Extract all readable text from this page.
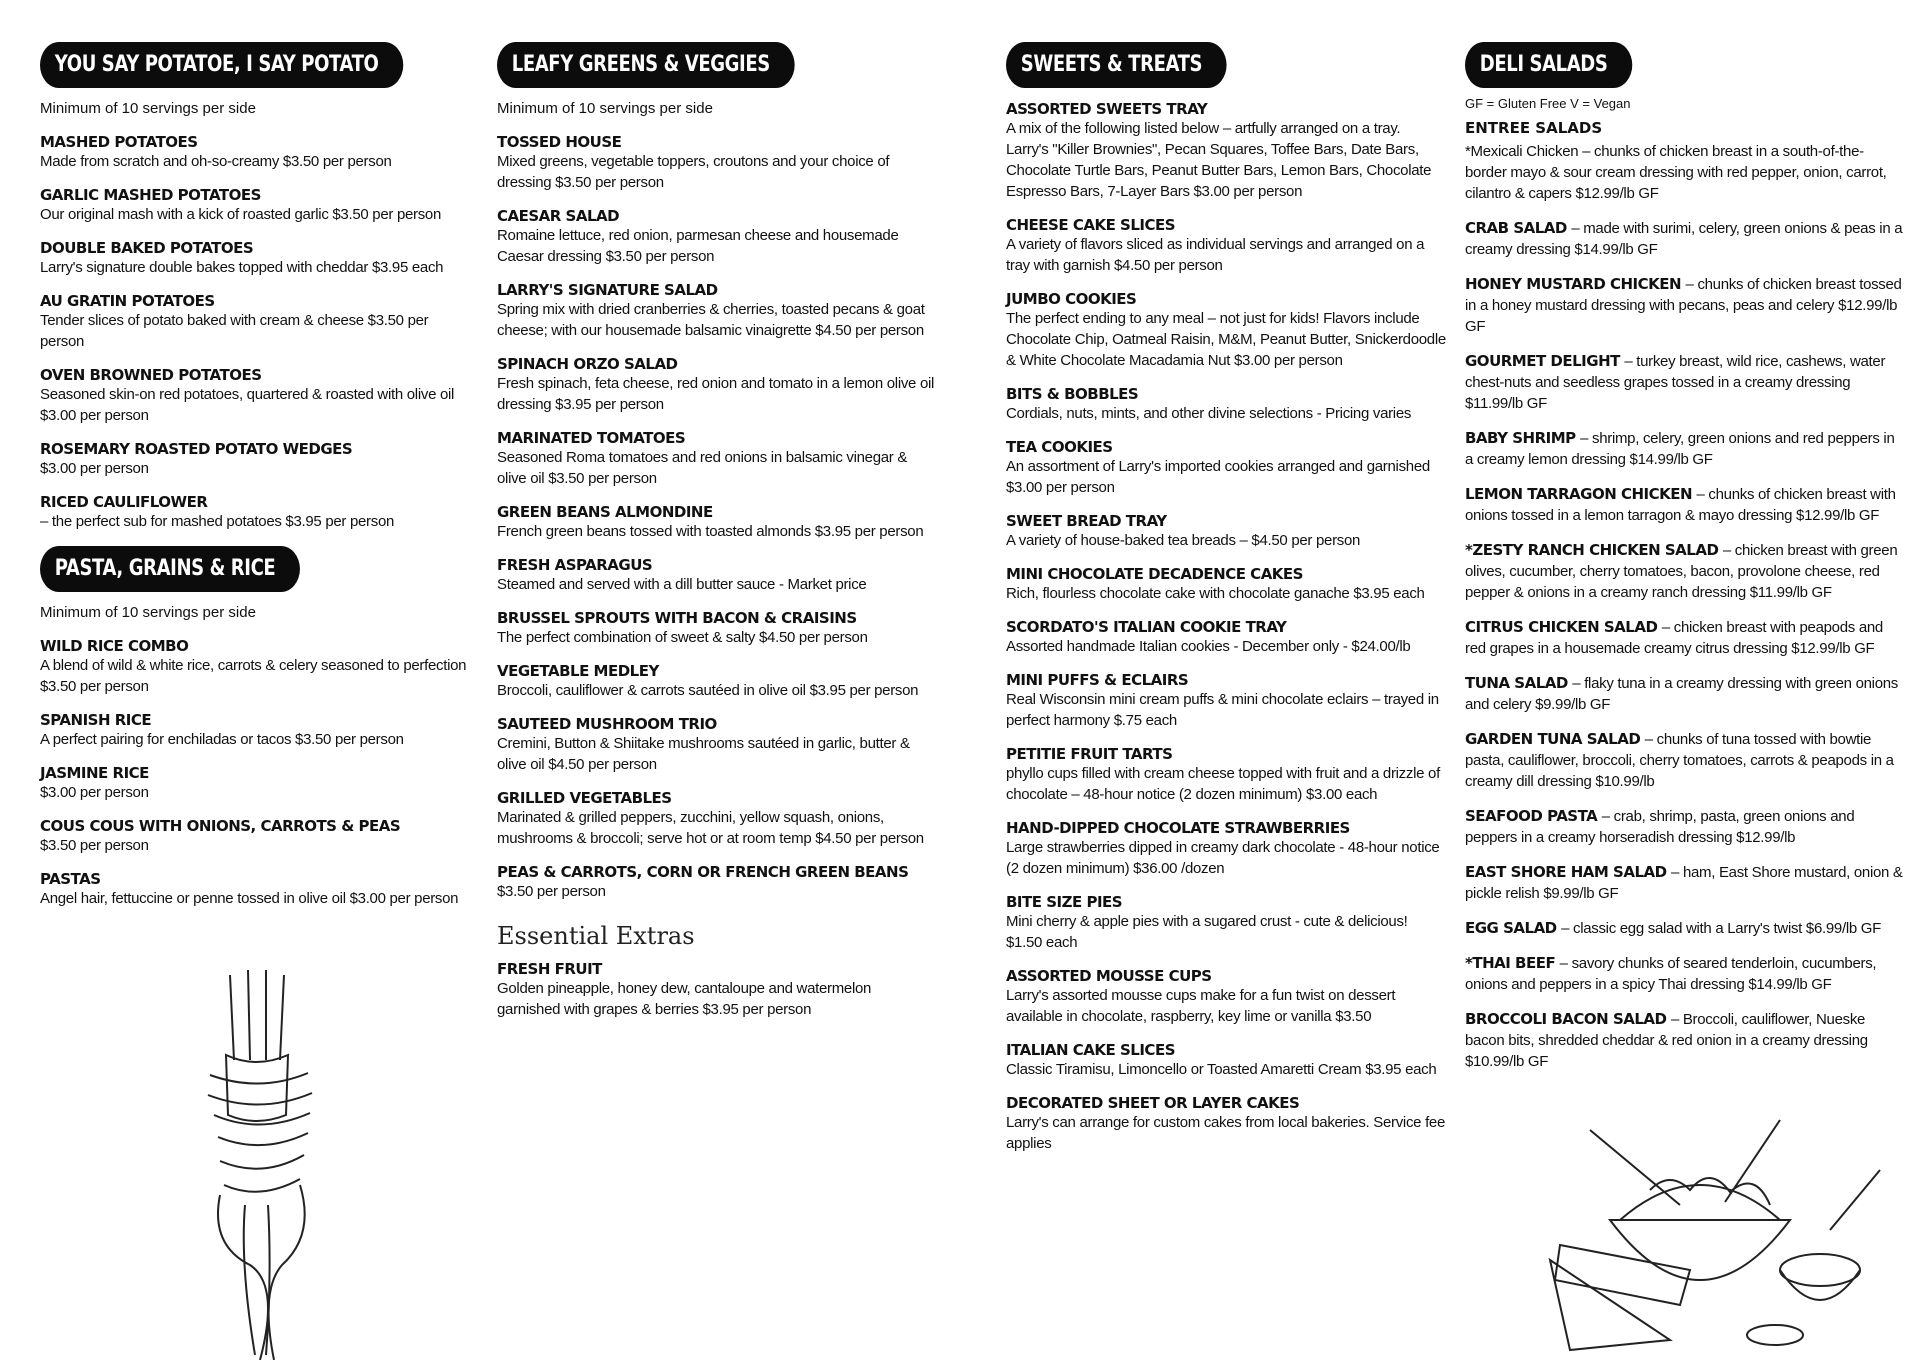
YOU SAY POTATOE, I SAY POTATO
Minimum of 10 servings per side
MASHED POTATOES
Made from scratch and oh-so-creamy $3.50 per person
GARLIC MASHED POTATOES
Our original mash with a kick of roasted garlic $3.50 per person
DOUBLE BAKED POTATOES
Larry's signature double bakes topped with cheddar $3.95 each
AU GRATIN POTATOES
Tender slices of potato baked with cream & cheese $3.50 per person
OVEN BROWNED POTATOES
Seasoned skin-on red potatoes, quartered & roasted with olive oil $3.00 per person
ROSEMARY ROASTED POTATO WEDGES
$3.00 per person
RICED CAULIFLOWER
– the perfect sub for mashed potatoes $3.95 per person
PASTA, GRAINS & RICE
Minimum of 10 servings per side
WILD RICE COMBO
A blend of wild & white rice, carrots & celery seasoned to perfection $3.50 per person
SPANISH RICE
A perfect pairing for enchiladas or tacos $3.50 per person
JASMINE RICE
$3.00 per person
COUS COUS WITH ONIONS, CARROTS & PEAS
$3.50 per person
PASTAS
Angel hair, fettuccine or penne tossed in olive oil $3.00 per person
LEAFY GREENS & VEGGIES
Minimum of 10 servings per side
TOSSED HOUSE
Mixed greens, vegetable toppers, croutons and your choice of dressing $3.50 per person
CAESAR SALAD
Romaine lettuce, red onion, parmesan cheese and housemade Caesar dressing $3.50 per person
LARRY'S SIGNATURE SALAD
Spring mix with dried cranberries & cherries, toasted pecans & goat cheese; with our housemade balsamic vinaigrette $4.50 per person
SPINACH ORZO SALAD
Fresh spinach, feta cheese, red onion and tomato in a lemon olive oil dressing $3.95 per person
MARINATED TOMATOES
Seasoned Roma tomatoes and red onions in balsamic vinegar & olive oil $3.50 per person
GREEN BEANS ALMONDINE
French green beans tossed with toasted almonds $3.95 per person
FRESH ASPARAGUS
Steamed and served with a dill butter sauce - Market price
BRUSSEL SPROUTS WITH BACON & CRAISINS
The perfect combination of sweet & salty $4.50 per person
VEGETABLE MEDLEY
Broccoli, cauliflower & carrots sautéed in olive oil $3.95 per person
SAUTEED MUSHROOM TRIO
Cremini, Button & Shiitake mushrooms sautéed in garlic, butter & olive oil $4.50 per person
GRILLED VEGETABLES
Marinated & grilled peppers, zucchini, yellow squash, onions, mushrooms & broccoli; serve hot or at room temp $4.50 per person
PEAS & CARROTS, CORN OR FRENCH GREEN BEANS
$3.50 per person
Essential Extras
FRESH FRUIT
Golden pineapple, honey dew, cantaloupe and watermelon garnished with grapes & berries $3.95 per person
SWEETS & TREATS
ASSORTED SWEETS TRAY
A mix of the following listed below – artfully arranged on a tray. Larry's "Killer Brownies", Pecan Squares, Toffee Bars, Date Bars, Chocolate Turtle Bars, Peanut Butter Bars, Lemon Bars, Chocolate Espresso Bars, 7-Layer Bars $3.00 per person
CHEESE CAKE SLICES
A variety of flavors sliced as individual servings and arranged on a tray with garnish $4.50 per person
JUMBO COOKIES
The perfect ending to any meal – not just for kids! Flavors include Chocolate Chip, Oatmeal Raisin, M&M, Peanut Butter, Snickerdoodle & White Chocolate Macadamia Nut $3.00 per person
BITS & BOBBLES
Cordials, nuts, mints, and other divine selections - Pricing varies
TEA COOKIES
An assortment of Larry's imported cookies arranged and garnished $3.00 per person
SWEET BREAD TRAY
A variety of house-baked tea breads – $4.50 per person
MINI CHOCOLATE DECADENCE CAKES
Rich, flourless chocolate cake with chocolate ganache $3.95 each
SCORDATO'S ITALIAN COOKIE TRAY
Assorted handmade Italian cookies - December only - $24.00/lb
MINI PUFFS & ECLAIRS
Real Wisconsin mini cream puffs & mini chocolate eclairs – trayed in perfect harmony $.75 each
PETITIE FRUIT TARTS
phyllo cups filled with cream cheese topped with fruit and a drizzle of chocolate – 48-hour notice (2 dozen minimum) $3.00 each
HAND-DIPPED CHOCOLATE STRAWBERRIES
Large strawberries dipped in creamy dark chocolate - 48-hour notice (2 dozen minimum) $36.00 /dozen
BITE SIZE PIES
Mini cherry & apple pies with a sugared crust - cute & delicious! $1.50 each
ASSORTED MOUSSE CUPS
Larry's assorted mousse cups make for a fun twist on dessert available in chocolate, raspberry, key lime or vanilla $3.50
ITALIAN CAKE SLICES
Classic Tiramisu, Limoncello or Toasted Amaretti Cream $3.95 each
DECORATED SHEET OR LAYER CAKES
Larry's can arrange for custom cakes from local bakeries. Service fee applies
DELI SALADS
GF = Gluten Free V = Vegan
ENTREE SALADS
*Mexicali Chicken – chunks of chicken breast in a south-of-the-border mayo & sour cream dressing with red pepper, onion, carrot, cilantro & capers $12.99/lb GF
CRAB SALAD – made with surimi, celery, green onions & peas in a creamy dressing $14.99/lb GF
HONEY MUSTARD CHICKEN – chunks of chicken breast tossed in a honey mustard dressing with pecans, peas and celery $12.99/lb GF
GOURMET DELIGHT – turkey breast, wild rice, cashews, water chest-nuts and seedless grapes tossed in a creamy dressing $11.99/lb GF
BABY SHRIMP – shrimp, celery, green onions and red peppers in a creamy lemon dressing $14.99/lb GF
LEMON TARRAGON CHICKEN – chunks of chicken breast with onions tossed in a lemon tarragon & mayo dressing $12.99/lb GF
*ZESTY RANCH CHICKEN SALAD – chicken breast with green olives, cucumber, cherry tomatoes, bacon, provolone cheese, red pepper & onions in a creamy ranch dressing $11.99/lb GF
CITRUS CHICKEN SALAD – chicken breast with peapods and red grapes in a housemade creamy citrus dressing $12.99/lb GF
TUNA SALAD – flaky tuna in a creamy dressing with green onions and celery $9.99/lb GF
GARDEN TUNA SALAD – chunks of tuna tossed with bowtie pasta, cauliflower, broccoli, cherry tomatoes, carrots & peapods in a creamy dill dressing $10.99/lb
SEAFOOD PASTA – crab, shrimp, pasta, green onions and peppers in a creamy horseradish dressing $12.99/lb
EAST SHORE HAM SALAD – ham, East Shore mustard, onion & pickle relish $9.99/lb GF
EGG SALAD – classic egg salad with a Larry's twist $6.99/lb GF
*THAI BEEF – savory chunks of seared tenderloin, cucumbers, onions and peppers in a spicy Thai dressing $14.99/lb GF
BROCCOLI BACON SALAD – Broccoli, cauliflower, Nueske bacon bits, shredded cheddar & red onion in a creamy dressing $10.99/lb GF
